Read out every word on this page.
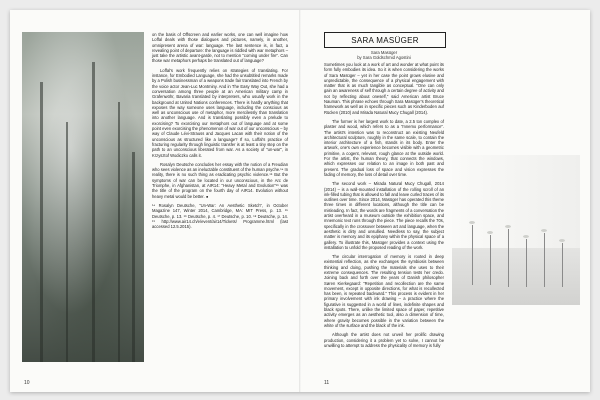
on the basis of Offscreen and earlier works, one can well imagine how Loffal deals with those dialogues and pictures, namely, in another, omnipresent arena of war: language. The last sentence is, in fact, a revealing point of departure: the language is riddled with war metaphors – just take the artistic avant-garde, not to mention "coming under fire". Can those war metaphors perhaps be translated out of language?

Loffal's work frequently relies on strategies of translating. For instance, for Embodied Language, she had the unsubtitled remarks made by a Polish businessman of a weapons trade fair translated into French by the voice actor Jean-Luc Montminy. And in The Easy Way Out, she had a conversation among three people at an American military camp in Grafenwöhr, Bavaria translated by interpreters, who usually work in the background at United Nations conferences. There is hardly anything that exposes the way someone uses language, including the conscious as well as unconscious use of metaphor, more mercilessly than translation into another language. And is translating possibly even a prelude to exorcising? To exorcising our metaphors out of language and at some point even exorcising the phenomenon of war out of our unconscious – by way of Claude Lévi-Strauss and Jacques Lacan with their notion of the unconscious as structured like a language? If so, Loffal's practice of fracturing regularity through linguistic transfer is at least a tiny step on the path to an unconscious liberated from war. As a society of "un-war", in Krzysztof Wodiczko calls it.

Rosalyn Deutsche concludes her essay with the notion of a Freudian who sees violence as an ineluctable constituent of the human psyche.¹⁴ In reality, there is no such thing as eradicating psychic violence.¹⁵ But the symptoms of war can be located in our unconscious, in the Arc de Triomphe, in Afghanistan, at AIR14: "Heavy Metal and Evolution"¹⁶ was the title of the program on the fourth day of AIR14. Evolution without heavy metal would be better. ●

¹⁴ Rosalyn Deutsche, "Un-War: An Aesthetic Sketch", in October Magazine 147, Winter 2014, Cambridge, MA: MIT Press, p. 13. ¹⁵ Deutsche, p. 13. ¹⁶ Deutsche, p. 4. ¹⁷ Deutsche, p. 10. ¹⁸ Deutsche, p. 14. ¹⁹ http://www.air14.ch/e/event/air14/Tickets/ Programme.html (last accessed 12.5.2015).

10
SARA MASÜGER
Sara Masüger
by Sara Goldschmid Agostini

Sometimes you look at a work of art and wonder at what point its form fully embodies its idea. So it is when considering the works of Sara Masüger – yet in her case the point grows elusive and unpredictable, the consequence of a physical engagement with matter that is as much tangible as conceptual. "One can only gain an awareness of self through a certain degree of activity and not by reflecting about oneself," said American artist Bruce Nauman. This phrase echoes through Sara Masüger's theoretical framework as well as in specific pieces such as Kinderboden auf Rücken (2010) and Mirada Natural Mucy Chugall (2014).

The former is her largest work to date, a 2.5 ton complex of plaster and wood, which refers to as a "mnemo performance". The artist's intention was to reconstruct an existing Neufeld architectural sculpture, roughly in the same scale, to contain the interior architecture of a fish, stands in its body. Enter the artwork, one's own experience becomes visible with a geometric primitive, a cogent, relevant, rough glance at the outside world. For the artist, the human theory, that connects the windows, which expresses our relation to an image in both past and present. The gradual loss of space and vision expresses the fading of memory, the loss of detail over time.

The second work – Mirada Natural Mucy Chugall, 2014 (2014) – is a wall-mounted installation of the rolling scroll of an ink-filled tubing that is allowed to fall and leave curled traces of its outlines over time. Since 2014, Masüger has operated this theme three times in different locations, although the title can be misleading. In fact, the words are fragments of a conversation the artist overheard in a museum outside the exhibition space, and mnemonic text runs through the piece. The piece recalls the 70s, specifically in the crossover between art and language, when the aesthetic is dirty and unsullied. Needless to say, the subject matter is memory and its epiphany within the physical space of a gallery. To illustrate this, Masüger provides a context using the installation to unfold the proposed reading of the work.

The circular interrogation of memory is rooted in deep existential reflection, as she exchanges the symbiosis between thinking and doing, pushing the materials she uses to their extreme consequences. The resulting tension tests her credo. Joining back and forth over the years of Danish philosopher Søren Kierkegaard: "Repetition and recollection are the same movement, except in opposite directions, for what is recollected has been, is repeated backward." This process is evident in her primary involvement with ink drawing – a practice where the figurative is suggested in a world of lines, indefinite shapes and black spots. There, unlike the limited space of paper, repetitive activity emerges as an aesthetic tool, also a dimension of time, where gravity becomes possible in the variation between the white of the surface and the black of the ink.

Although the artist does not unveil her prolific drawing production, considering it a problem yet to solve, I cannot be unwilling to attempt to address the physicality of memory is fully

11
